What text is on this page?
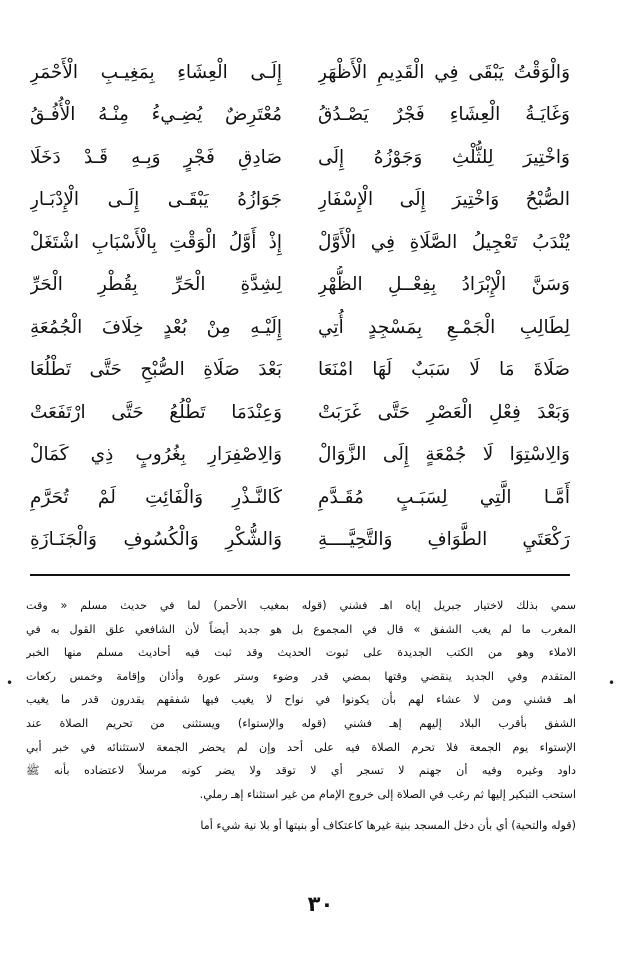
وَالْوَقْتُ يَبْقَى فِي الْقَدِيمِ الْأَظْهَرِ
إِلَـى الْعِشَاءِ بِمَغِيـبِ الْأَحْمَرِ
وَغَايَـةُ الْعِشَاءِ فَجْرٌ يَصْـدُقُ
مُعْتَرِضٌ يُضِـيءُ مِنْـهُ الْأُفُـقُ
وَاخْتِيرَ لِلثُّلْثِ وَجَوْزُهُ إِلَى
صَادِقِ فَجْرٍ وَبِـهِ قَـدْ دَخَلَا
الصُّبْحُ وَاخْتِيرَ إِلَى الْإِسْفَارِ
جَوَازُهُ يَبْقَـى إِلَـى الْإِدْبَـارِ
يُنْدَبُ تَعْجِيلُ الصَّلَاةِ فِي الْأَوَّلْ
إِذْ أَوَّلُ الْوَقْتِ بِالْأَسْبَابِ اشْتَغَلْ
وَسَنَّ الْإِبْرَادُ بِفِعْــلِ الظُّهْرِ
لِشِدَّةِ الْحَرِّ بِقُطْرِ الْحَرِّ
لِطَالِبِ الْجَمْـعِ بِمَسْجِدٍ أُتِي
إِلَيْـهِ مِنْ بُعْدٍ خِلَافَ الْجُمُعَةِ
صَلَاةَ مَا لَا سَبَبٌ لَهَا امْنَعَا
بَعْدَ صَلَاةِ الصُّبْحِ حَتَّى تَطْلُعَا
وَبَعْدَ فِعْلِ الْعَصْرِ حَتَّى غَرَبَتْ
وَعِنْدَمَا تَطْلُعُ حَتَّى ارْتَفَعَتْ
وَالِاسْتِوَا لَا جُمْعَةٍ إِلَى الزَّوَالْ
وَالِاصْفِرَارِ بِغُرُوبٍ ذِي كَمَالْ
أَمَّـا الَّتِي لِسَبَـبٍ مُقَـدَّمِ
كَالنَّـذْرِ وَالْفَائِتِ لَمْ تُحَرَّمِ
رَكْعَتَيِ الطَّوَافِ وَالتَّحِيَّــــةِ
وَالشُّكْرِ وَالْكُسُوفِ وَالْجَنَـازَةِ
سمي بذلك لاختيار جبريل إياه اهـ فشني (قوله بمغيب الأحمر) لما في حديث مسلم « وقت
المغرب ما لم يغب الشفق » قال في المجموع بل هو جديد أيضاً لأن الشافعي علق القول به في
الاملاء وهو من الكتب الجديدة على ثبوت الحديث وقد ثبت فيه أحاديث مسلم منها الخبر
المتقدم وفي الجديد ينقضي وقتها بمضي قدر وضوء وستر عورة وأذان وإقامة وخمس ركعات
اهـ فشني ومن لا عشاء لهم بأن يكونوا في نواح لا يغيب فيها شفقهم يقدرون قدر ما يغيب
الشفق بأقرب البلاد إليهم إهـ فشني (قوله والإستواء) ويستثنى من تحريم الصلاة عند
الإستواء يوم الجمعة فلا تحرم الصلاة فيه على أحد وإن لم يحضر الجمعة لاستثنائه في خبر أبي
داود وغيره وفيه أن جهنم لا تسجر أي لا توقد ولا يضر كونه مرسلاً لاعتضاده بأنه ﷺ
استحب التبكير إليها ثم رغب في الصلاة إلى خروج الإمام من غير استثناء إهـ رملي.
(قوله والتحية) أي بأن دخل المسجد بنية غيرها كاعتكاف أو بنيتها أو بلا نية شيء أما
•
•
٣٠
